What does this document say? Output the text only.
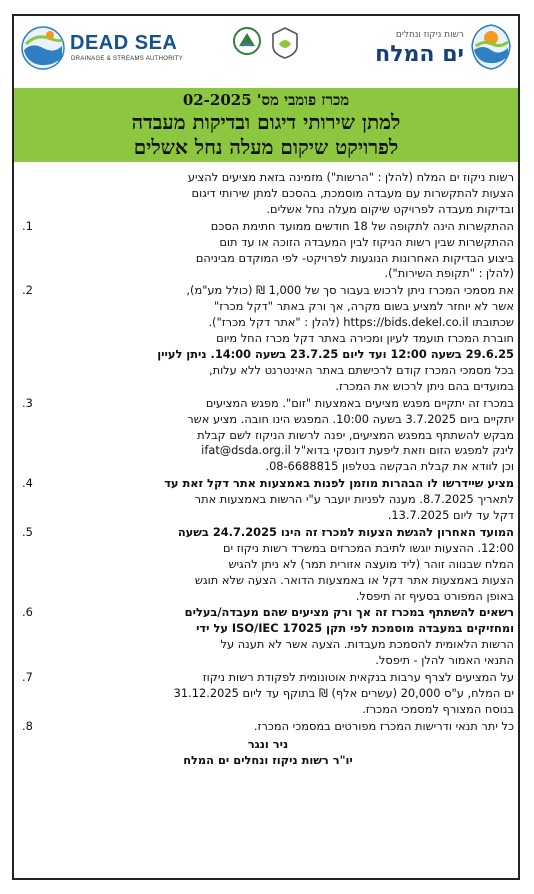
DEAD SEA
DRAINAGE & STREAMS AUTHORITY
רשות ניקוז ונחלים
ים המלח
מכרז פומבי מס' 02-2025
למתן שירותי דיגום ובדיקות מעבדה
לפרויקט שיקום מעלה נחל אשלים
רשות ניקוז ים המלח (להלן : "הרשות") מזמינה בזאת מציעים להציע
הצעות להתקשרות עם מעבדה מוסמכת, בהסכם למתן שירותי דיגום
ובדיקות מעבדה לפרויקט שיקום מעלה נחל אשלים.
1.	ההתקשרות הינה לתקופה של 18 חודשים ממועד חתימת הסכם
ההתקשרות שבין רשות הניקוז לבין המעבדה הזוכה או עד תום
ביצוע הבדיקות האחרונות הנוגעות לפרויקט- לפי המוקדם מביניהם
(להלן : "תקופת השירות").
2.	את מסמכי המכרז ניתן לרכוש בעבור סך של 1,000 ₪ (כולל מע"מ),
אשר לא יוחזר למציע בשום מקרה, אך ורק באתר "דקל מכרז"
שכתובתו https://bids.dekel.co.il (להלן : "אתר דקל מכרז").
חוברת המכרז תועמד לעיון ומכירה באתר דקל מכרז החל מיום
29.6.25 בשעה 12:00 ועד ליום 23.7.25 בשעה 14:00. ניתן לעיין
בכל מסמכי המכרז קודם לרכישתם באתר האינטרנט ללא עלות,
במועדים בהם ניתן לרכוש את המכרז.
3.	במכרז זה יתקיים מפגש מציעים באמצעות "זום". מפגש המציעים
יתקיים ביום 3.7.2025 בשעה 10:00. המפגש הינו חובה. מציע אשר
מבקש להשתתף במפגש המציעים, יפנה לרשות הניקוז לשם קבלת
לינק למפגש הזום וזאת ליפעת דונסקי בדוא"ל ifat@dsda.org.il
וכן לוודא את קבלת הבקשה בטלפון 08-6688815.
4.	מציע שיידרשו לו הבהרות מוזמן לפנות באמצעות אתר דקל זאת עד
לתאריך 8.7.2025. מענה לפניות יועבר ע"י הרשות באמצעות אתר
דקל עד ליום 13.7.2025.
5.	המועד האחרון להגשת הצעות למכרז זה הינו 24.7.2025 בשעה
12:00. ההצעות יוגשו לתיבת המכרזים במשרד רשות ניקוז ים
המלח שבנווה זוהר (ליד מועצה אזורית תמר) לא ניתן להגיש
הצעות באמצעות אתר דקל או באמצעות הדואר. הצעה שלא תוגש
באופן המפורט בסעיף זה תיפסל.
6.	רשאים להשתתף במכרז זה אך ורק מציעים שהם מעבדה/בעלים
ומחזיקים במעבדה מוסמכת לפי תקן ISO/IEC 17025 על ידי
הרשות הלאומית להסמכת מעבדות. הצעה אשר לא תענה על
התנאי האמור להלן - תיפסל.
7.	על המציעים לצרף ערבות בנקאית אוטונומית לפקודת רשות ניקוז
ים המלח, ע"ס 20,000 (עשרים אלף) ₪ בתוקף עד ליום 31.12.2025
בנוסח המצורף למסמכי המכרז.
8.	כל יתר תנאי ודרישות המכרז מפורטים במסמכי המכרז.
ניר ונגר
יו"ר רשות ניקוז ונחלים ים המלח
